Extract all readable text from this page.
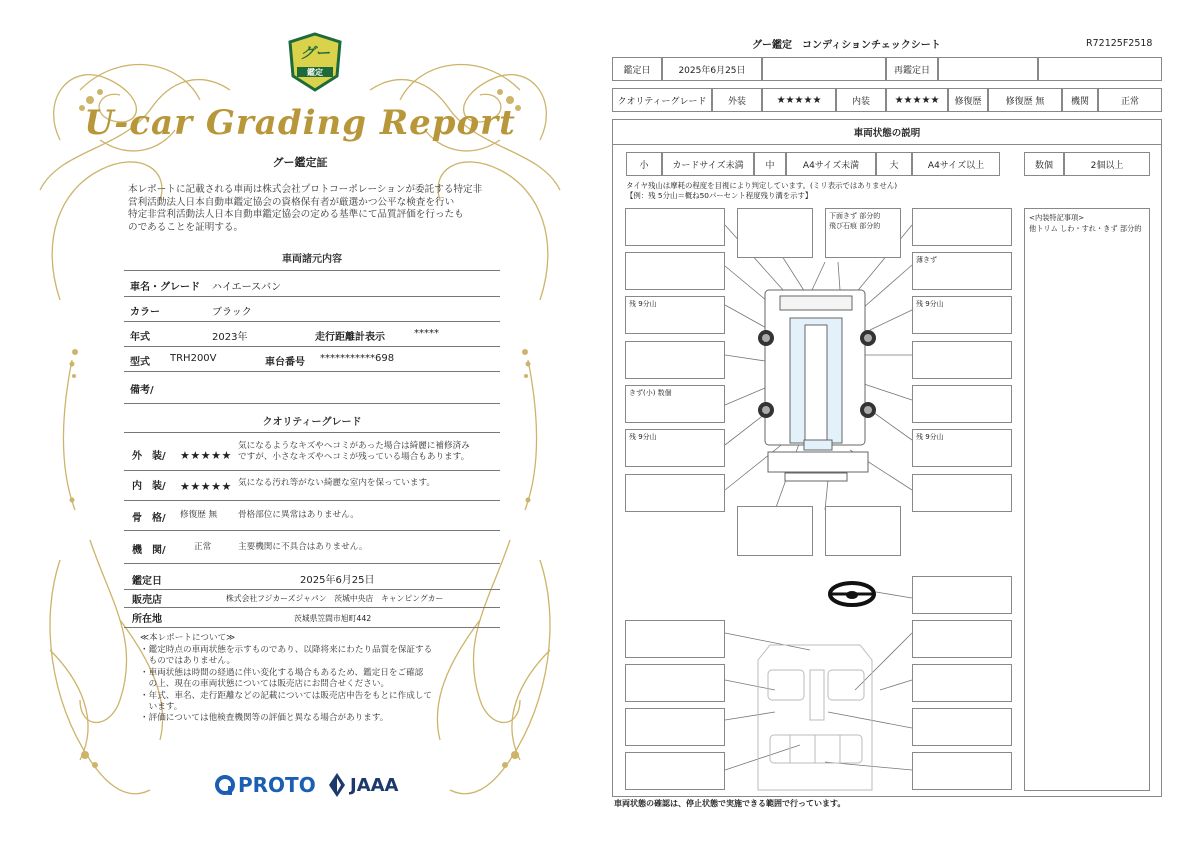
グー
鑑定
U-car Grading Report
グー鑑定証
本レポートに記載される車両は株式会社プロトコーポレーションが委託する特定非
営利活動法人日本自動車鑑定協会の資格保有者が厳選かつ公平な検査を行い
特定非営利活動法人日本自動車鑑定協会の定める基準にて品質評価を行ったも
のであることを証明する。
車両諸元内容
車名・グレード ハイエースバン
カラー	ブラック
年式	2023年	走行距離計表示	*****
型式 TRH200V	車台番号 ***********698
備考/
クオリティーグレード
外　装/ ★★★★★
気になるようなキズやヘコミがあった場合は綺麗に補修済み
ですが、小さなキズやヘコミが残っている場合もあります。
内　装/ ★★★★★ 気になる汚れ等がない綺麗な室内を保っています。
骨　格/ 修復歴 無 骨格部位に異常はありません。
機　関/	正常	主要機関に不具合はありません。
鑑定日	2025年6月25日
販売店	株式会社フジカーズジャパン　茨城中央店　キャンピングカー
所在地	茨城県笠間市旭町442
≪本レポートについて≫
・鑑定時点の車両状態を示すものであり、以降将来にわたり品質を保証する
　ものではありません。
・車両状態は時間の経過に伴い変化する場合もあるため、鑑定日をご確認
　の上、現在の車両状態については販売店にお問合せください。
・年式、車名、走行距離などの記載については販売店申告をもとに作成して
　います。
・評価については他検査機関等の評価と異なる場合があります。
PROTO JAAA
グー鑑定　コンディションチェックシート	R72125F2518
鑑定日	2025年6月25日	再鑑定日
クオリティーグレード	外装	★★★★★	内装	★★★★★	修復歴	修復歴 無	機関	正常
車両状態の説明
小	カードサイズ未満	中	A4サイズ未満	大	A4サイズ以上	数個	2個以上
タイヤ残山は摩耗の程度を目視により判定しています。(ミリ表示ではありません)
【例：残 5分山＝概ね50パーセント程度残り溝を示す】
残 9分山
きず(小) 数個
残 9分山
下面きず 部分的
飛び石痕 部分的
薄きず
残 9分山
残 9分山
<内装特記事項>
他トリム しわ・すれ・きず 部分的
車両状態の確認は、停止状態で実施できる範囲で行っています。
